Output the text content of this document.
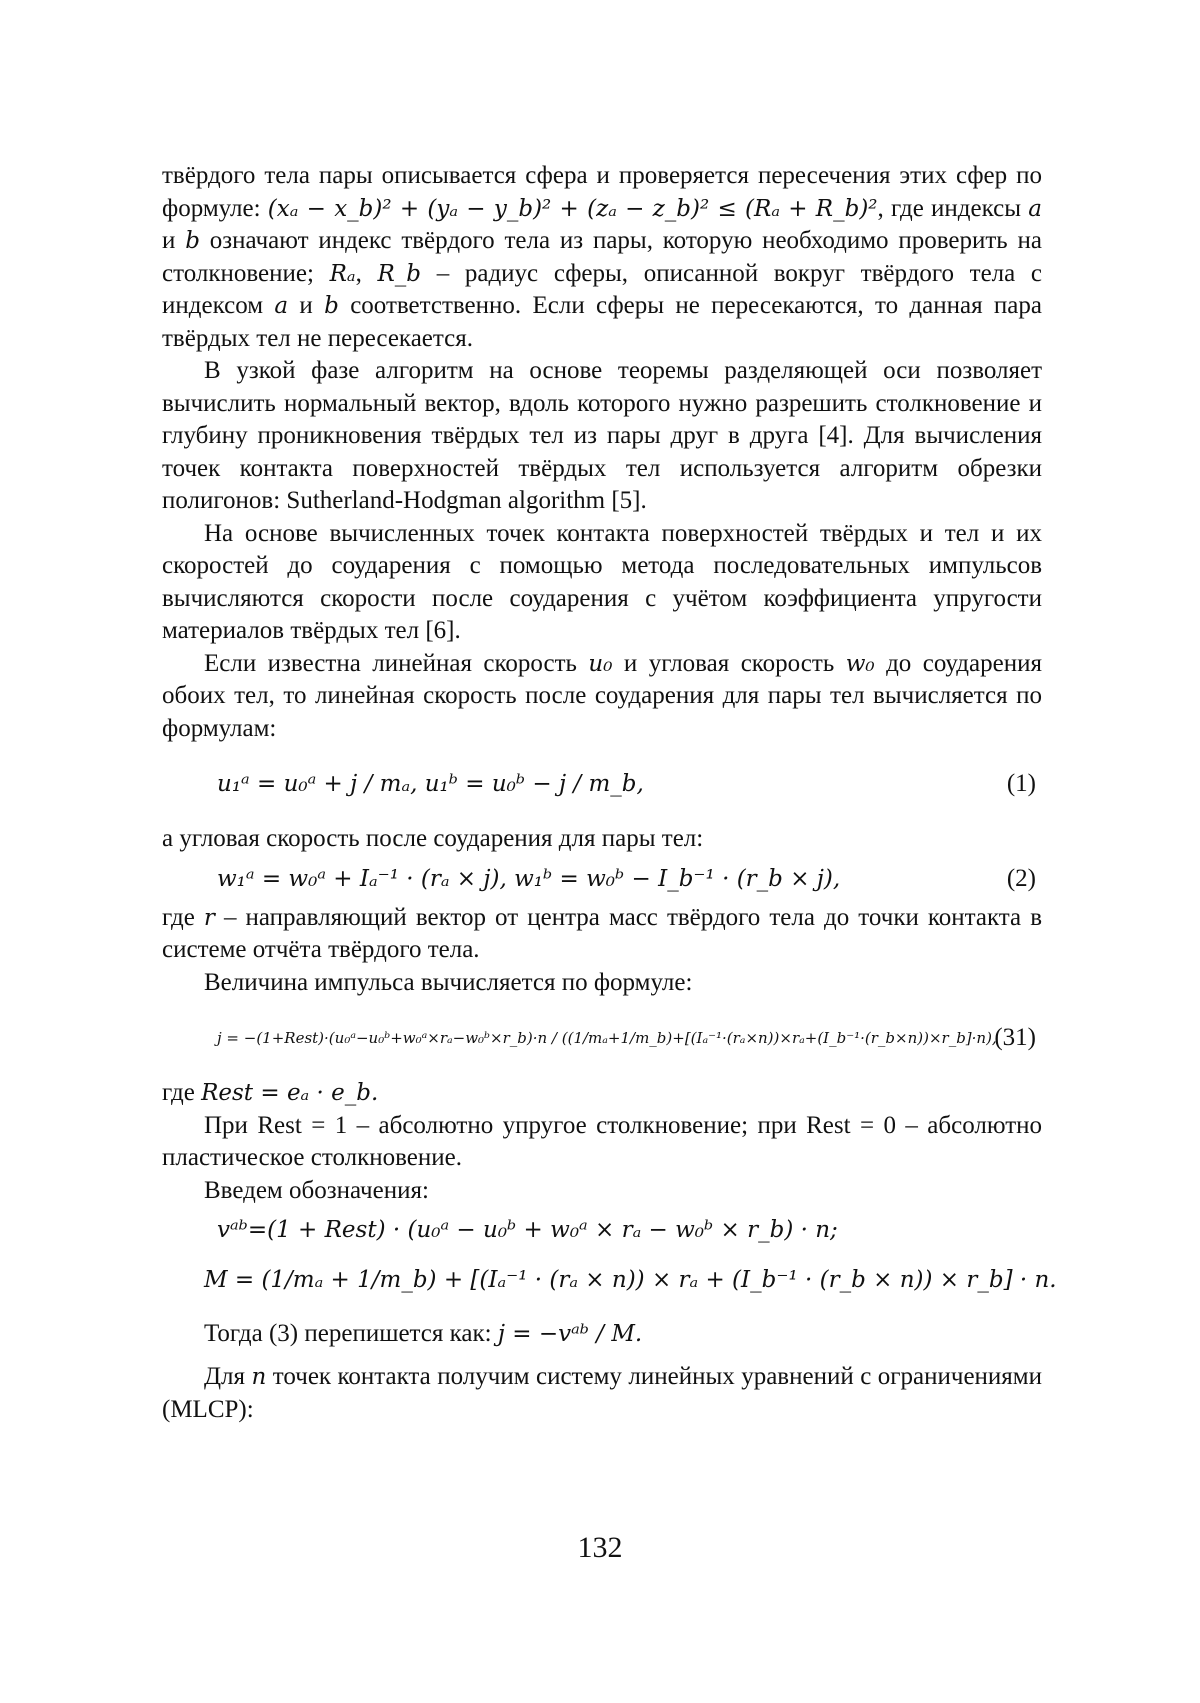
твёрдого тела пары описывается сфера и проверяется пересечения этих сфер по формуле: (xₐ − x_b)² + (yₐ − y_b)² + (zₐ − z_b)² ≤ (Rₐ + R_b)², где индексы a и b означают индекс твёрдого тела из пары, которую необходимо проверить на столкновение; Rₐ, R_b – радиус сферы, описанной вокруг твёрдого тела с индексом a и b соответственно. Если сферы не пересекаются, то данная пара твёрдых тел не пересекается.

В узкой фазе алгоритм на основе теоремы разделяющей оси позволяет вычислить нормальный вектор, вдоль которого нужно разрешить столкновение и глубину проникновения твёрдых тел из пары друг в друга [4]. Для вычисления точек контакта поверхностей твёрдых тел используется алгоритм обрезки полигонов: Sutherland-Hodgman algorithm [5].

На основе вычисленных точек контакта поверхностей твёрдых и тел и их скоростей до соударения с помощью метода последовательных импульсов вычисляются скорости после соударения с учётом коэффициента упругости материалов твёрдых тел [6].

Если известна линейная скорость u₀ и угловая скорость w₀ до соударения обоих тел, то линейная скорость после соударения для пары тел вычисляется по формулам:

u₁ᵃ = u₀ᵃ + j / mₐ, u₁ᵇ = u₀ᵇ − j / m_b,	(1)

а угловая скорость после соударения для пары тел:

w₁ᵃ = w₀ᵃ + Iₐ⁻¹ · (rₐ × j), w₁ᵇ = w₀ᵇ − I_b⁻¹ · (r_b × j),	(2)

где r – направляющий вектор от центра масс твёрдого тела до точки контакта в системе отчёта твёрдого тела.

Величина импульса вычисляется по формуле:

j = −(1+Rest)·(u₀ᵃ−u₀ᵇ+w₀ᵃ×rₐ−w₀ᵇ×r_b)·n / ((1/mₐ+1/m_b)+[(Iₐ⁻¹·(rₐ×n))×rₐ+(I_b⁻¹·(r_b×n))×r_b]·n),
(31)

где Rest = eₐ · e_b.

При Rest = 1 – абсолютно упругое столкновение; при Rest = 0 – абсолютно пластическое столкновение.

Введем обозначения:

vᵃᵇ=(1 + Rest) · (u₀ᵃ − u₀ᵇ + w₀ᵃ × rₐ − w₀ᵇ × r_b) · n;
M = (1/mₐ + 1/m_b) + [(Iₐ⁻¹ · (rₐ × n)) × rₐ + (I_b⁻¹ · (r_b × n)) × r_b] · n.
Тогда (3) перепишется как: j = −vᵃᵇ / M.

Для n точек контакта получим систему линейных уравнений с ограничениями (MLCP):

132
